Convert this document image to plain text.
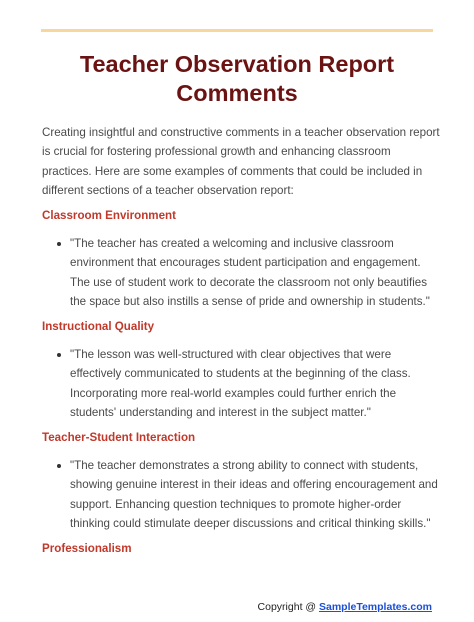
Teacher Observation Report
Comments

Creating insightful and constructive comments in a teacher observation report is crucial for fostering professional growth and enhancing classroom practices. Here are some examples of comments that could be included in different sections of a teacher observation report:

Classroom Environment

"The teacher has created a welcoming and inclusive classroom environment that encourages student participation and engagement. The use of student work to decorate the classroom not only beautifies the space but also instills a sense of pride and ownership in students."

Instructional Quality

"The lesson was well-structured with clear objectives that were effectively communicated to students at the beginning of the class. Incorporating more real-world examples could further enrich the students' understanding and interest in the subject matter."

Teacher-Student Interaction

"The teacher demonstrates a strong ability to connect with students, showing genuine interest in their ideas and offering encouragement and support. Enhancing question techniques to promote higher-order thinking could stimulate deeper discussions and critical thinking skills."

Professionalism
Copyright @ SampleTemplates.com
